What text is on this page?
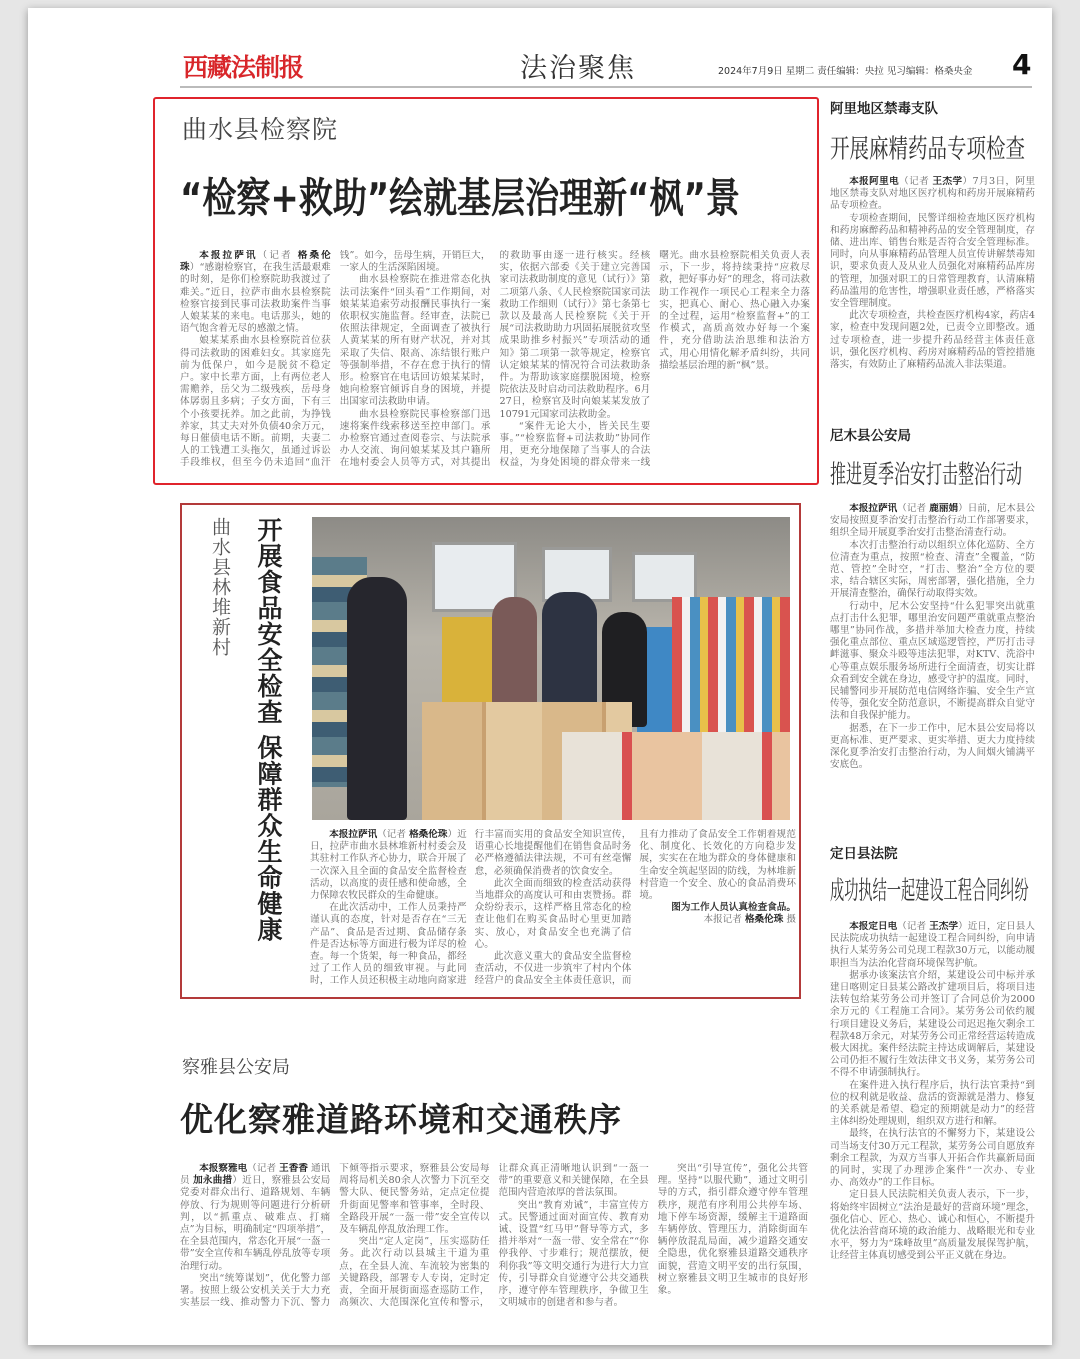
西藏法制报	法治聚焦	2024年7月9日 星期二 责任编辑：央拉 见习编辑：格桑央金 4
曲水县检察院
“检察+救助”绘就基层治理新“枫”景

本报拉萨讯（记者 格桑伦珠）“感谢检察官，在我生活最艰难的时刻，是你们检察院助我渡过了难关。”近日，拉萨市曲水县检察院检察官接到民事司法救助案件当事人娘某某的来电。电话那头，她的语气饱含着无尽的感激之情。

娘某某系曲水县检察院首位获得司法救助的困难妇女。其家庭先前为低保户，如今是脱贫不稳定户。家中长辈方面，上有两位老人需赡养，岳父为二级残疾，岳母身体孱弱且多病；子女方面，下有三个小孩要抚养。加之此前，为挣钱养家，其丈夫对外负债40余万元，每日催债电话不断。前期，夫妻二人的工钱遭工头拖欠，虽通过诉讼手段维权，但至今仍未追回“血汗钱”。如今，岳母生病，开销巨大，一家人的生活深陷困境。

曲水县检察院在推进常态化执法司法案件“回头看”工作期间，对娘某某追索劳动报酬民事执行一案依职权实施监督。经审查，法院已依照法律规定，全面调查了被执行人黄某某的所有财产状况，并对其采取了失信、限高、冻结银行账户等强制举措，不存在怠于执行的情形。检察官在电话回访娘某某时，她向检察官倾诉自身的困境，并提出国家司法救助申请。

曲水县检察院民事检察部门迅速将案件线索移送至控申部门。承办检察官通过查阅卷宗、与法院承办人交流、询问娘某某及其户籍所在地村委会人员等方式，对其提出的救助事由逐一进行核实。经核实，依据六部委《关于建立完善国家司法救助制度的意见（试行）》第二项第八条、《人民检察院国家司法救助工作细则（试行）》第七条第七款以及最高人民检察院《关于开展“司法救助助力巩固拓展脱贫攻坚成果助推乡村振兴”专项活动的通知》第二项第一款等规定，检察官认定娘某某的情况符合司法救助条件。为帮助该家庭摆脱困境，检察院依法及时启动司法救助程序。6月27日，检察官及时向娘某某发放了10791元国家司法救助金。

“案件无论大小，皆关民生要事。”“检察监督+司法救助”协同作用，更充分地保障了当事人的合法权益，为身处困境的群众带来一线曙光。曲水县检察院相关负责人表示，下一步，将持续秉持“应救尽救，把好事办好”的理念，将司法救助工作视作一项民心工程来全力落实，把真心、耐心、热心融入办案的全过程，运用“检察监督+”的工作模式，高质高效办好每一个案件，充分借助法治思维和法治方式，用心用情化解矛盾纠纷，共同描绘基层治理的新“枫”景。

阿里地区禁毒支队
开展麻精药品专项检查

本报阿里电（记者 王杰学）7月3日，阿里地区禁毒支队对地区医疗机构和药房开展麻精药品专项检查。

专项检查期间，民警详细检查地区医疗机构和药房麻醉药品和精神药品的安全管理制度，存储、进出库、销售台账是否符合安全管理标准。同时，向从事麻精药品管理人员宣传讲解禁毒知识，要求负责人及从业人员强化对麻精药品库房的管理，加强对职工的日常管理教育，认清麻精药品滥用的危害性，增强职业责任感，严格落实安全管理制度。

此次专项检查，共检查医疗机构4家，药店4家，检查中发现问题2处，已责令立即整改。通过专项检查，进一步提升药品经营主体责任意识，强化医疗机构、药房对麻精药品的管控措施落实，有效防止了麻精药品流入非法渠道。

尼木县公安局
推进夏季治安打击整治行动

本报拉萨讯（记者 鹿丽娟）日前，尼木县公安局按照夏季治安打击整治行动工作部署要求，组织全局开展夏季治安打击整治清查行动。

本次打击整治行动以组织立体化巡防、全方位清查为重点，按照“检查、清查”全覆盖，“防范、管控”全时空，“打击、整治”全方位的要求，结合辖区实际，周密部署，强化措施，全力开展清查整治，确保行动取得实效。

行动中，尼木公安坚持“什么犯罪突出就重点打击什么犯罪，哪里治安问题严重就重点整治哪里”协同作战，多措并举加大检查力度，持续强化重点部位、重点区域巡逻管控，严厉打击寻衅滋事、聚众斗殴等违法犯罪，对KTV、洗浴中心等重点娱乐服务场所进行全面清查，切实让群众看到安全就在身边，感受守护的温度。同时，民辅警同步开展防范电信网络诈骗、安全生产宣传等，强化安全防范意识，不断提高群众自觉守法和自我保护能力。

据悉，在下一步工作中，尼木县公安局将以更高标准、更严要求、更实举措、更大力度持续深化夏季治安打击整治行动，为人间烟火铺满平安底色。

定日县法院
成功执结一起建设工程合同纠纷

本报定日电（记者 王杰学）近日，定日县人民法院成功执结一起建设工程合同纠纷，向申请执行人某劳务公司兑现工程款30万元，以能动履职担当为法治化营商环境保驾护航。

据承办该案法官介绍，某建设公司中标并承建日喀则定日县某公路改扩建项目后，将项目违法转包给某劳务公司并签订了合同总价为2000余万元的《工程施工合同》。某劳务公司依约履行项目建设义务后，某建设公司迟迟拖欠剩余工程款48万余元，对某劳务公司正常经营运转造成极大困扰。案件经法院主持达成调解后，某建设公司仍拒不履行生效法律文书义务，某劳务公司不得不申请强制执行。

在案件进入执行程序后，执行法官秉持“到位的权利就是收益、盘活的资源就是潜力、修复的关系就是希望、稳定的预期就是动力”的经营主体纠纷处理规则，组织双方进行和解。

最终，在执行法官的不懈努力下，某建设公司当场支付30万元工程款，某劳务公司自愿放弃剩余工程款，为双方当事人开拓合作共赢新局面的同时，实现了办理涉企案件“一次办、专业办、高效办”的工作目标。

定日县人民法院相关负责人表示，下一步，将始终牢固树立“法治是最好的营商环境”理念，强化信心、匠心、热心、诚心和恒心，不断提升优化法治营商环境的政治能力、战略眼光和专业水平，努力为“珠峰故里”高质量发展保驾护航，让经营主体真切感受到公平正义就在身边。

曲水县林堆新村 开展食品安全检查 保障群众生命健康	本报拉萨讯（记者 格桑伦珠）近日，拉萨市曲水县林堆新村村委会及其驻村工作队齐心协力，联合开展了一次深入且全面的食品安全监督检查活动，以高度的责任感和使命感，全力保障农牧民群众的生命健康。

在此次活动中，工作人员秉持严谨认真的态度，针对是否存在“三无产品”、食品是否过期、食品储存条件是否达标等方面进行极为详尽的检查。每一个货架，每一种食品，都经过了工作人员的细致审视。与此同时，工作人员还积极主动地向商家进行丰富而实用的食品安全知识宣传，语重心长地提醒他们在销售食品时务必严格遵循法律法规，不可有丝毫懈怠，必须确保消费者的饮食安全。

此次全面而细致的检查活动获得当地群众的高度认可和由衷赞扬。群众纷纷表示，这样严格且常态化的检查让他们在购买食品时心里更加踏实、放心，对食品安全也充满了信心。

此次意义重大的食品安全监督检查活动，不仅进一步筑牢了村内个体经营户的食品安全主体责任意识，而且有力推动了食品安全工作朝着规范化、制度化、长效化的方向稳步发展，实实在在地为群众的身体健康和生命安全筑起坚固的防线，为林堆新村营造一个安全、放心的食品消费环境。

图为工作人员认真检查食品。

本报记者 格桑伦珠 摄

察雅县公安局
优化察雅道路环境和交通秩序

本报察雅电（记者 王香香 通讯员 加永曲措）近日，察雅县公安局党委对群众出行、道路规划、车辆停放、行为规则等问题进行分析研判，以“抓重点、破难点、打痛点”为目标，明确制定“四项举措”，在全县范围内，常态化开展“一盔一带”安全宣传和车辆乱停乱放等专项治理行动。

突出“统筹谋划”，优化警力部署。按照上级公安机关关于大力充实基层一线、推动警力下沉、警力下倾等指示要求，察雅县公安局每周将局机关80余人次警力下沉至交警大队、便民警务站，定点定位提升街面见警率和管事率，全时段、全路段开展“一盔一带”安全宣传以及车辆乱停乱放治理工作。

突出“定人定岗”，压实巡防任务。此次行动以县城主干道为重点，在全县人流、车流较为密集的关键路段，部署专人专岗，定时定责，全面开展街面巡查巡防工作，高频次、大范围深化宣传和警示，让群众真正清晰地认识到“一盔一带”的重要意义和关键保障，在全县范围内营造浓厚的普法氛围。

突出“教育劝诫”，丰富宣传方式。民警通过面对面宣传、教育劝诫、设置“红马甲”督导等方式，多措并举对“一盔一带、安全常在”“你停我停、寸步难行；规范摆放，便利你我”等文明交通行为进行大力宣传，引导群众自觉遵守公共交通秩序，遵守停车管理秩序，争做卫生文明城市的创建者和参与者。

突出“引导宣传”，强化公共管理。坚持“以服代勤”，通过文明引导的方式，指引群众遵守停车管理秩序，规范有序利用公共停车场、地下停车场资源，缓解主干道路面车辆停放、管理压力，消除街面车辆停放混乱局面，减少道路交通安全隐患，优化察雅县道路交通秩序面貌，营造文明平安的出行氛围，树立察雅县文明卫生城市的良好形象。
